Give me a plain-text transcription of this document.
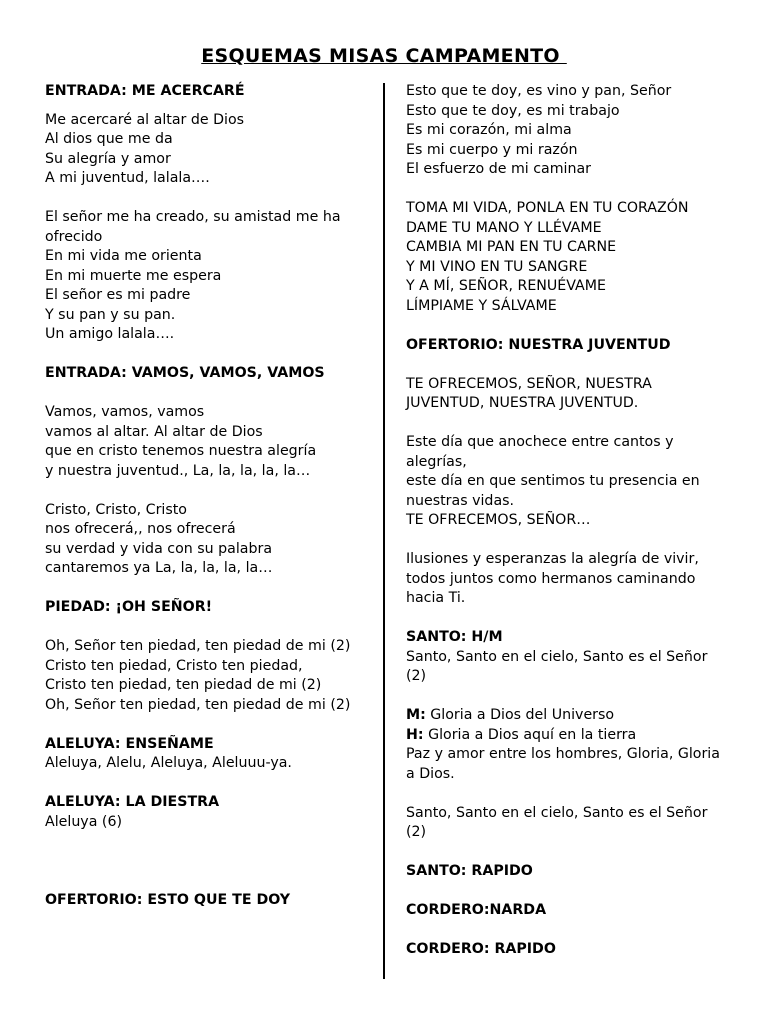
ESQUEMAS MISAS CAMPAMENTO
ENTRADA: ME ACERCARÉ
Me acercaré al altar de Dios
Al dios que me da
Su alegría y amor
A mi juventud, lalala….
El señor me ha creado, su amistad me ha ofrecido
En mi vida me orienta
En mi muerte me espera
El señor es mi padre
Y su pan y su pan.
Un amigo lalala….
ENTRADA: VAMOS, VAMOS, VAMOS
Vamos, vamos, vamos
vamos al altar. Al altar de Dios
que en cristo tenemos nuestra alegría
y nuestra juventud., La, la, la, la, la…
Cristo, Cristo, Cristo
nos ofrecerá,, nos ofrecerá
su verdad y vida con su palabra
cantaremos ya La, la, la, la, la…
PIEDAD: ¡OH SEÑOR!
Oh, Señor ten piedad, ten piedad de mi (2)
Cristo ten piedad, Cristo ten piedad,
Cristo ten piedad, ten piedad de mi (2)
Oh, Señor ten piedad, ten piedad de mi (2)
ALELUYA: ENSEÑAME
Aleluya, Alelu, Aleluya, Aleluuu-ya.
ALELUYA: LA DIESTRA
Aleluya (6)
OFERTORIO: ESTO QUE TE DOY
Esto que te doy, es vino y pan, Señor
Esto que te doy, es mi trabajo
Es mi corazón, mi alma
Es mi cuerpo y mi razón
El esfuerzo de mi caminar
TOMA MI VIDA, PONLA EN TU CORAZÓN
DAME TU MANO Y LLÉVAME
CAMBIA MI PAN EN TU CARNE
Y MI VINO EN TU SANGRE
Y A MÍ, SEÑOR, RENUÉVAME
LÍMPIAME Y SÁLVAME
OFERTORIO: NUESTRA JUVENTUD
TE OFRECEMOS, SEÑOR, NUESTRA JUVENTUD, NUESTRA JUVENTUD.
Este día que anochece entre cantos y alegrías,
este día en que sentimos tu presencia en nuestras vidas.
TE OFRECEMOS, SEÑOR…
Ilusiones y esperanzas la alegría de vivir,
todos juntos como hermanos caminando hacia Ti.
SANTO: H/M
Santo, Santo en el cielo, Santo es el Señor (2)
M: Gloria a Dios del Universo
H: Gloria a Dios aquí en la tierra
Paz y amor entre los hombres, Gloria, Gloria a Dios.
Santo, Santo en el cielo, Santo es el Señor (2)
SANTO: RAPIDO
CORDERO:NARDA
CORDERO: RAPIDO
